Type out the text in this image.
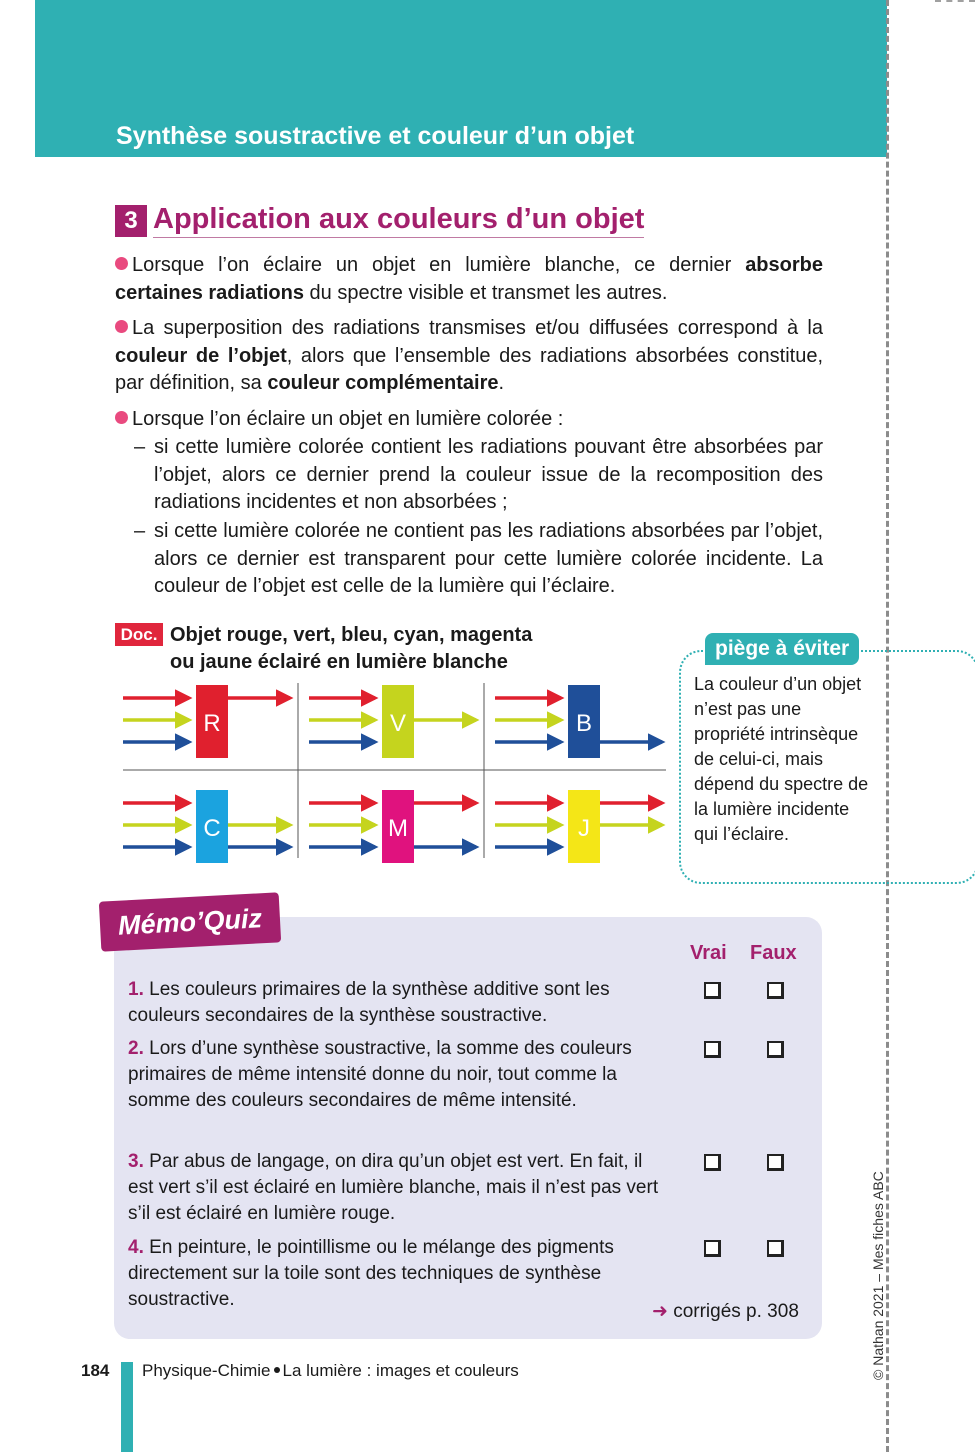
Synthèse soustractive et couleur d’un objet
3 Application aux couleurs d’un objet
Lorsque l’on éclaire un objet en lumière blanche, ce dernier absorbe certaines radiations du spectre visible et transmet les autres.
La superposition des radiations transmises et/ou diffusées correspond à la couleur de l’objet, alors que l’ensemble des radiations absorbées constitue, par définition, sa couleur complémentaire.
Lorsque l’on éclaire un objet en lumière colorée :
– si cette lumière colorée contient les radiations pouvant être absorbées par l’objet, alors ce dernier prend la couleur issue de la recomposition des radiations incidentes et non absorbées ;
– si cette lumière colorée ne contient pas les radiations absorbées par l’objet, alors ce dernier est transparent pour cette lumière colorée incidente. La couleur de l’objet est celle de la lumière qui l’éclaire.
Doc. Objet rouge, vert, bleu, cyan, magenta
ou jaune éclairé en lumière blanche
R	V	B
C	M	J
piège à éviter
La couleur d’un objet n’est pas une propriété intrinsèque de celui-ci, mais dépend du spectre de la lumière incidente qui l’éclaire.
Mémo’Quiz
Vrai Faux
1. Les couleurs primaires de la synthèse additive sont les couleurs secondaires de la synthèse soustractive.
2. Lors d’une synthèse soustractive, la somme des couleurs primaires de même intensité donne du noir, tout comme la somme des couleurs secondaires de même intensité.
3. Par abus de langage, on dira qu’un objet est vert. En fait, il est vert s’il est éclairé en lumière blanche, mais il n’est pas vert s’il est éclairé en lumière rouge.
4. En peinture, le pointillisme ou le mélange des pigments directement sur la toile sont des techniques de synthèse soustractive.
➜ corrigés p. 308
184 Physique-Chimie La lumière : images et couleurs	© Nathan 2021 – Mes fiches ABC
